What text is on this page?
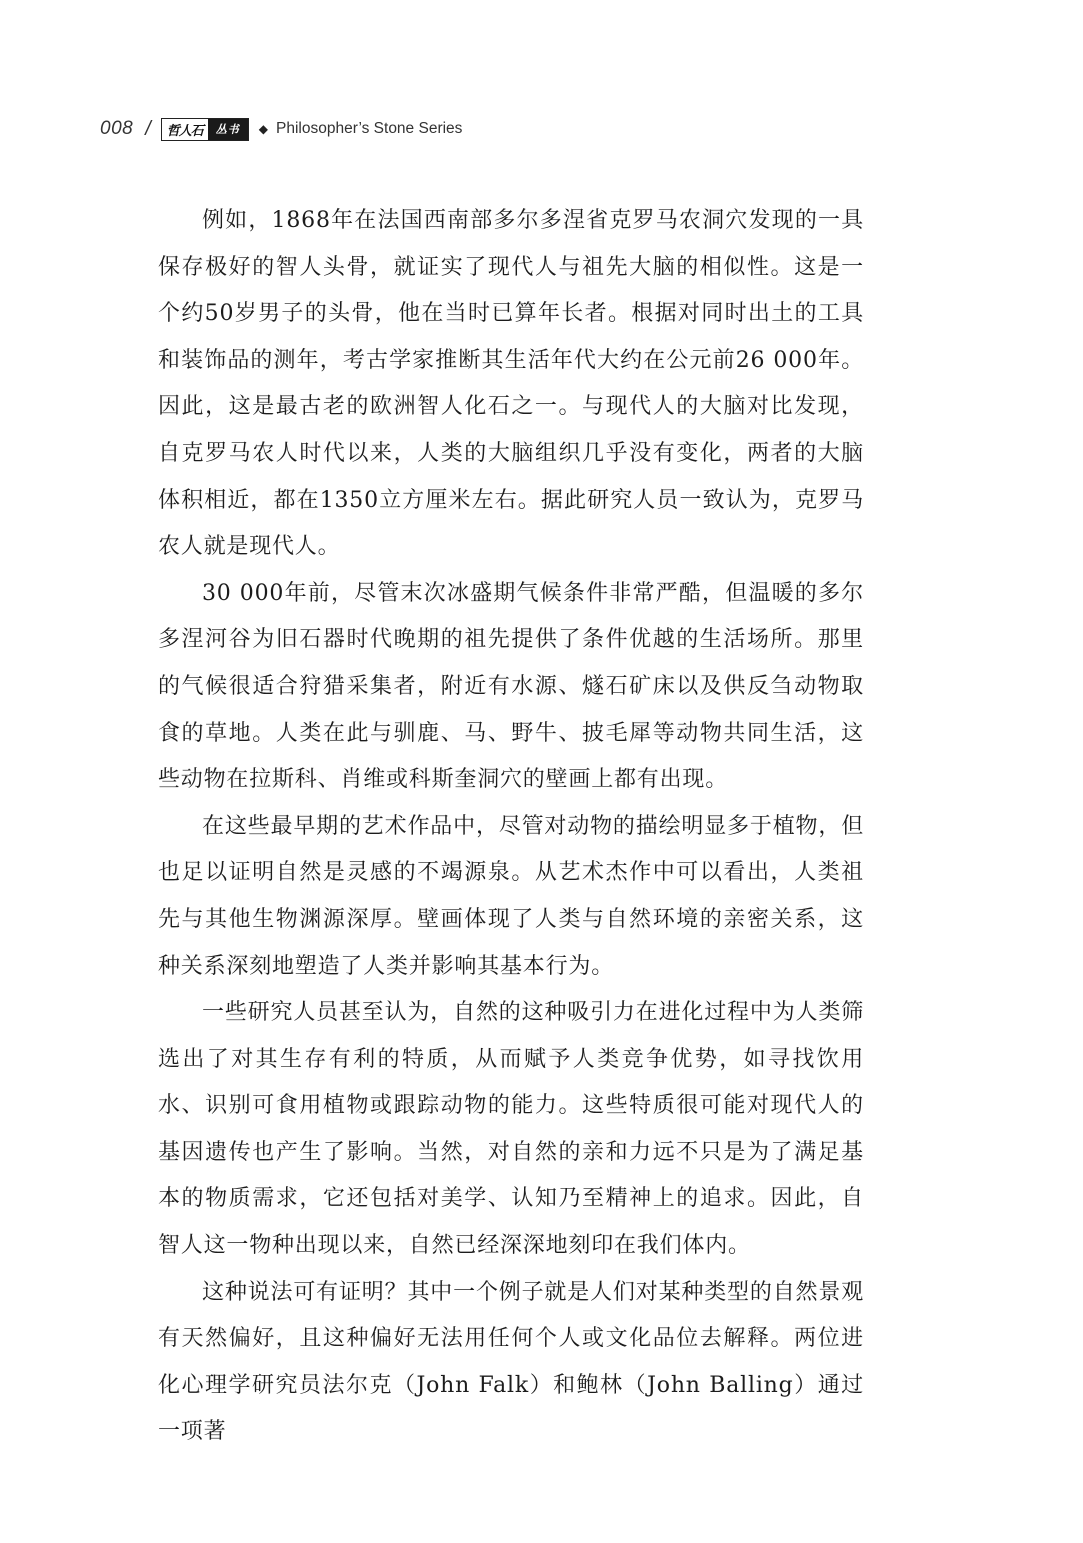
008 /	哲人石	丛书	◆ Philosopher’s Stone Series

例如，1868年在法国西南部多尔多涅省克罗马农洞穴发现的一具保存极好的智人头骨，就证实了现代人与祖先大脑的相似性。这是一个约50岁男子的头骨，他在当时已算年长者。根据对同时出土的工具和装饰品的测年，考古学家推断其生活年代大约在公元前26 000年。因此，这是最古老的欧洲智人化石之一。与现代人的大脑对比发现，自克罗马农人时代以来，人类的大脑组织几乎没有变化，两者的大脑体积相近，都在1350立方厘米左右。据此研究人员一致认为，克罗马农人就是现代人。

30 000年前，尽管末次冰盛期气候条件非常严酷，但温暖的多尔多涅河谷为旧石器时代晚期的祖先提供了条件优越的生活场所。那里的气候很适合狩猎采集者，附近有水源、燧石矿床以及供反刍动物取食的草地。人类在此与驯鹿、马、野牛、披毛犀等动物共同生活，这些动物在拉斯科、肖维或科斯奎洞穴的壁画上都有出现。

在这些最早期的艺术作品中，尽管对动物的描绘明显多于植物，但也足以证明自然是灵感的不竭源泉。从艺术杰作中可以看出，人类祖先与其他生物渊源深厚。壁画体现了人类与自然环境的亲密关系，这种关系深刻地塑造了人类并影响其基本行为。

一些研究人员甚至认为，自然的这种吸引力在进化过程中为人类筛选出了对其生存有利的特质，从而赋予人类竞争优势，如寻找饮用水、识别可食用植物或跟踪动物的能力。这些特质很可能对现代人的基因遗传也产生了影响。当然，对自然的亲和力远不只是为了满足基本的物质需求，它还包括对美学、认知乃至精神上的追求。因此，自智人这一物种出现以来，自然已经深深地刻印在我们体内。

这种说法可有证明？其中一个例子就是人们对某种类型的自然景观有天然偏好，且这种偏好无法用任何个人或文化品位去解释。两位进化心理学研究员法尔克（John Falk）和鲍林（John Balling）通过一项著
